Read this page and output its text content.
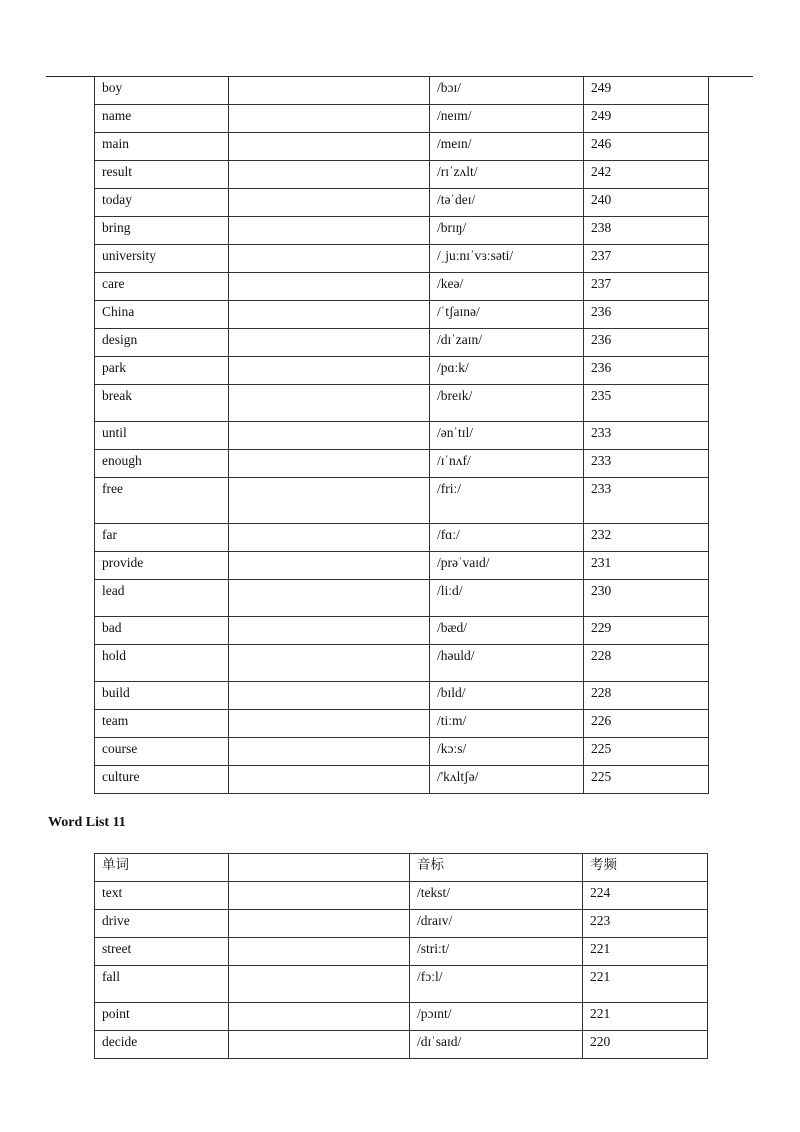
boy		/bɔɪ/	249
name		/neɪm/	249
main		/meɪn/	246
result		/rɪˈzʌlt/	242
today		/təˈdeɪ/	240
bring		/brɪŋ/	238
university		/ˌjuːnɪˈvɜːsəti/	237
care		/keə/	237
China		/ˈtʃaɪnə/	236
design		/dɪˈzaɪn/	236
park		/pɑːk/	236
break		/breɪk/	235
until		/ənˈtɪl/	233
enough		/ɪˈnʌf/	233
free		/friː/	233
far		/fɑː/	232
provide		/prəˈvaɪd/	231
lead		/liːd/	230
bad		/bæd/	229
hold		/həuld/	228
build		/bɪld/	228
team		/tiːm/	226
course		/kɔːs/	225
culture		/'kʌltʃə/	225
Word List 11
单词		音标	考频
text		/tekst/	224
drive		/draɪv/	223
street		/striːt/	221
fall		/fɔːl/	221
point		/pɔɪnt/	221
decide		/dɪˈsaɪd/	220
